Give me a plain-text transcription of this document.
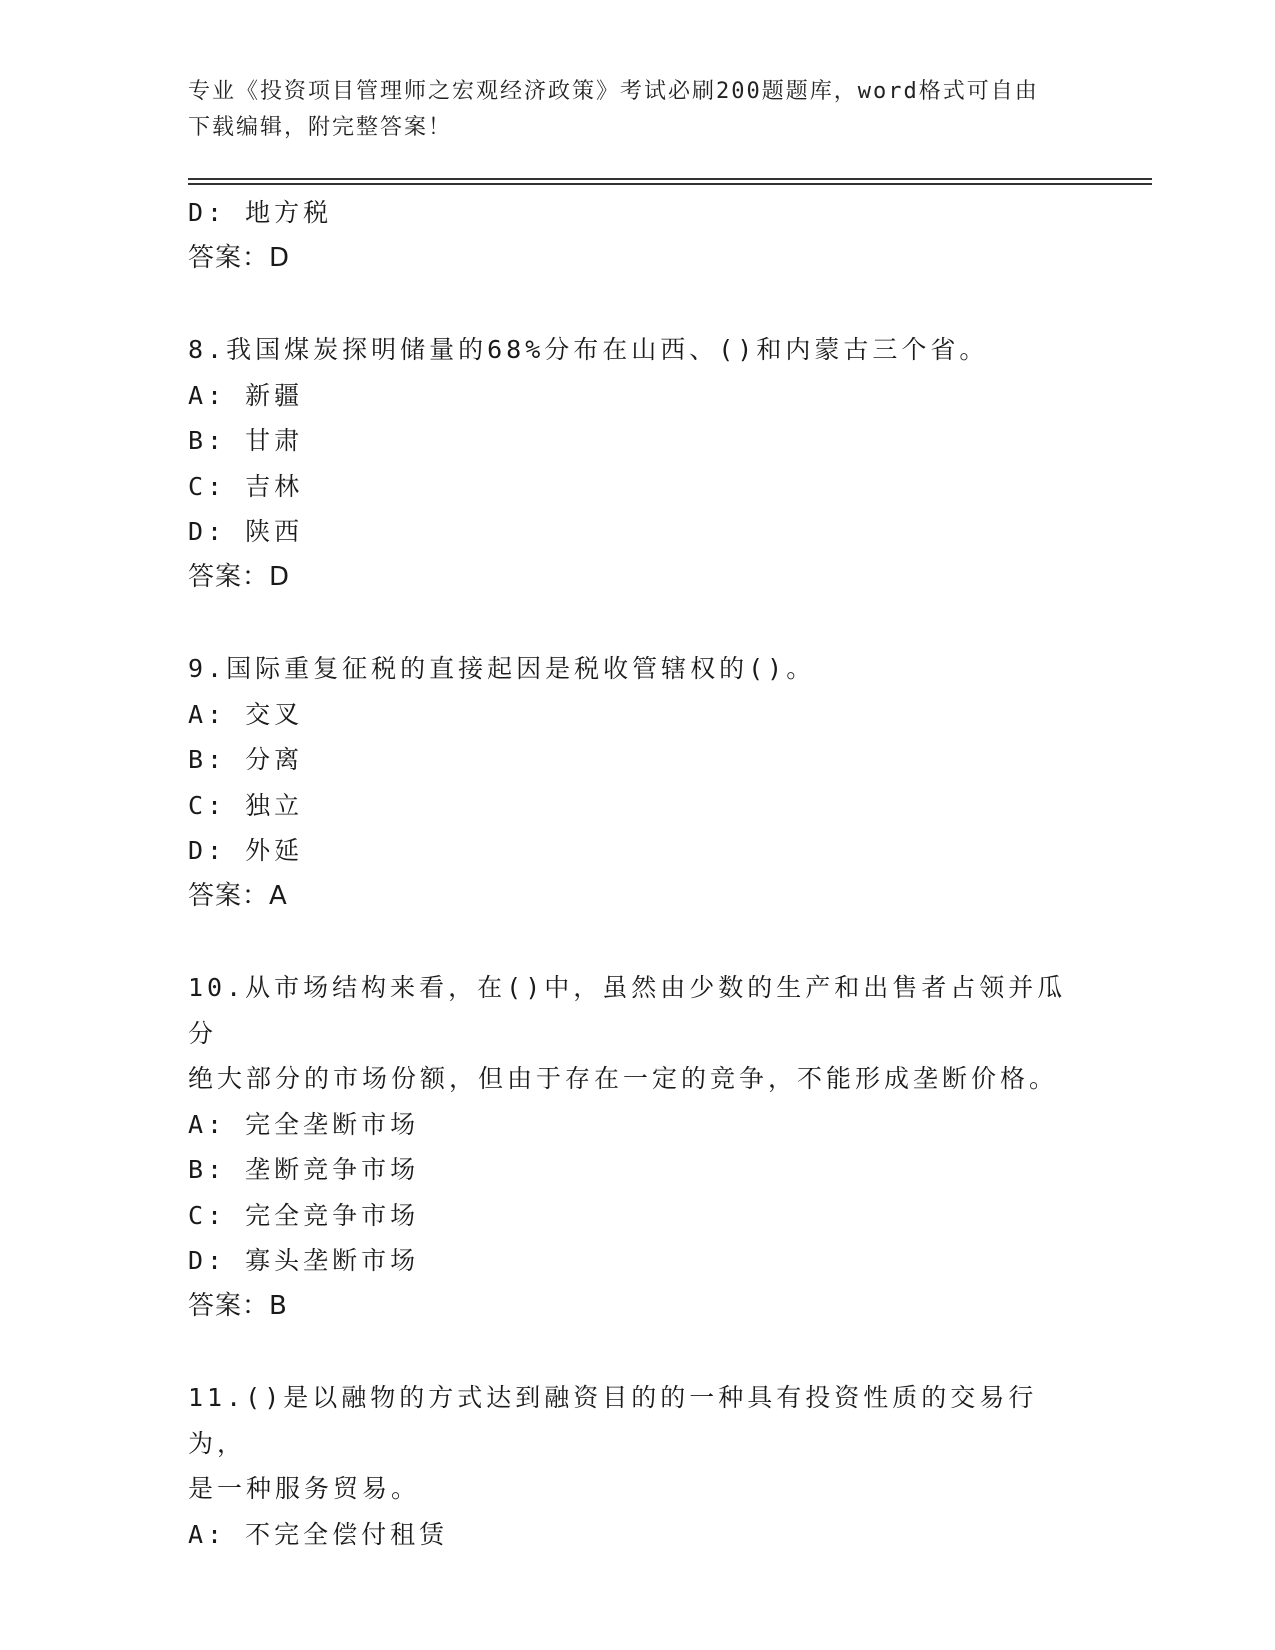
专业《投资项目管理师之宏观经济政策》考试必刷200题题库，word格式可自由
下载编辑，附完整答案！
D: 地方税
答案：D
8.我国煤炭探明储量的68%分布在山西、()和内蒙古三个省。
A: 新疆
B: 甘肃
C: 吉林
D: 陕西
答案：D
9.国际重复征税的直接起因是税收管辖权的()。
A: 交叉
B: 分离
C: 独立
D: 外延
答案：A
10.从市场结构来看，在()中，虽然由少数的生产和出售者占领并瓜分
绝大部分的市场份额，但由于存在一定的竞争，不能形成垄断价格。
A: 完全垄断市场
B: 垄断竞争市场
C: 完全竞争市场
D: 寡头垄断市场
答案：B
11.()是以融物的方式达到融资目的的一种具有投资性质的交易行为，
是一种服务贸易。
A: 不完全偿付租赁
